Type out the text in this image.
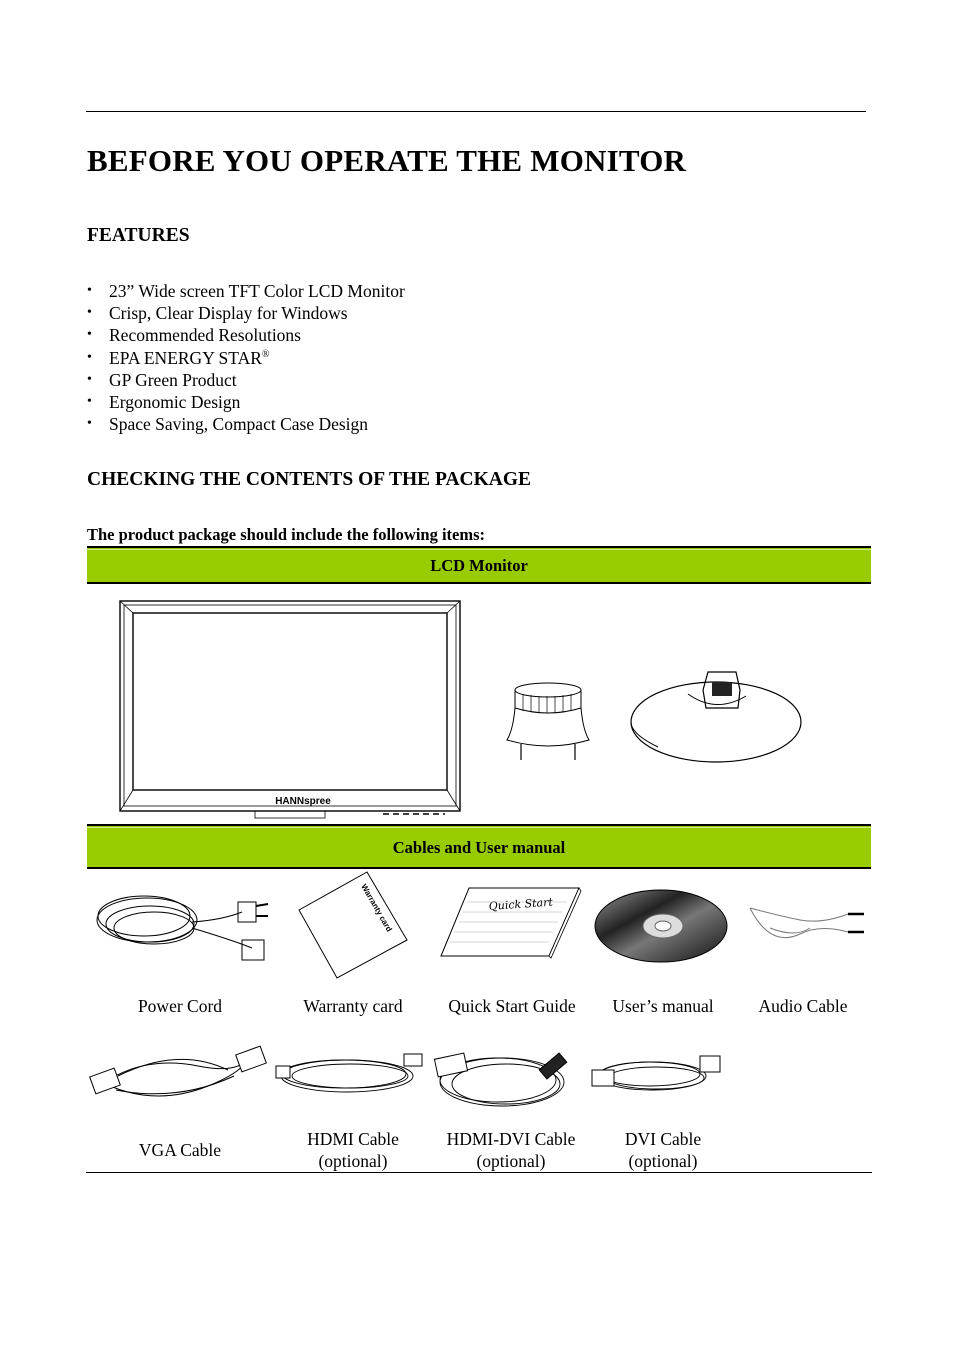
BEFORE YOU OPERATE THE MONITOR
FEATURES
• 23” Wide screen TFT Color LCD Monitor
• Crisp, Clear Display for Windows
• Recommended Resolutions
• EPA ENERGY STAR®
• GP Green Product
• Ergonomic Design
• Space Saving, Compact Case Design
CHECKING THE CONTENTS OF THE PACKAGE
The product package should include the following items:
LCD Monitor
HANNspree
Cables and User manual
Warranty card	Quick Start
Power Cord	Warranty card	Quick Start Guide	User’s manual	Audio Cable
VGA Cable
HDMI Cable
(optional)
HDMI-DVI Cable
(optional)
DVI Cable
(optional)
